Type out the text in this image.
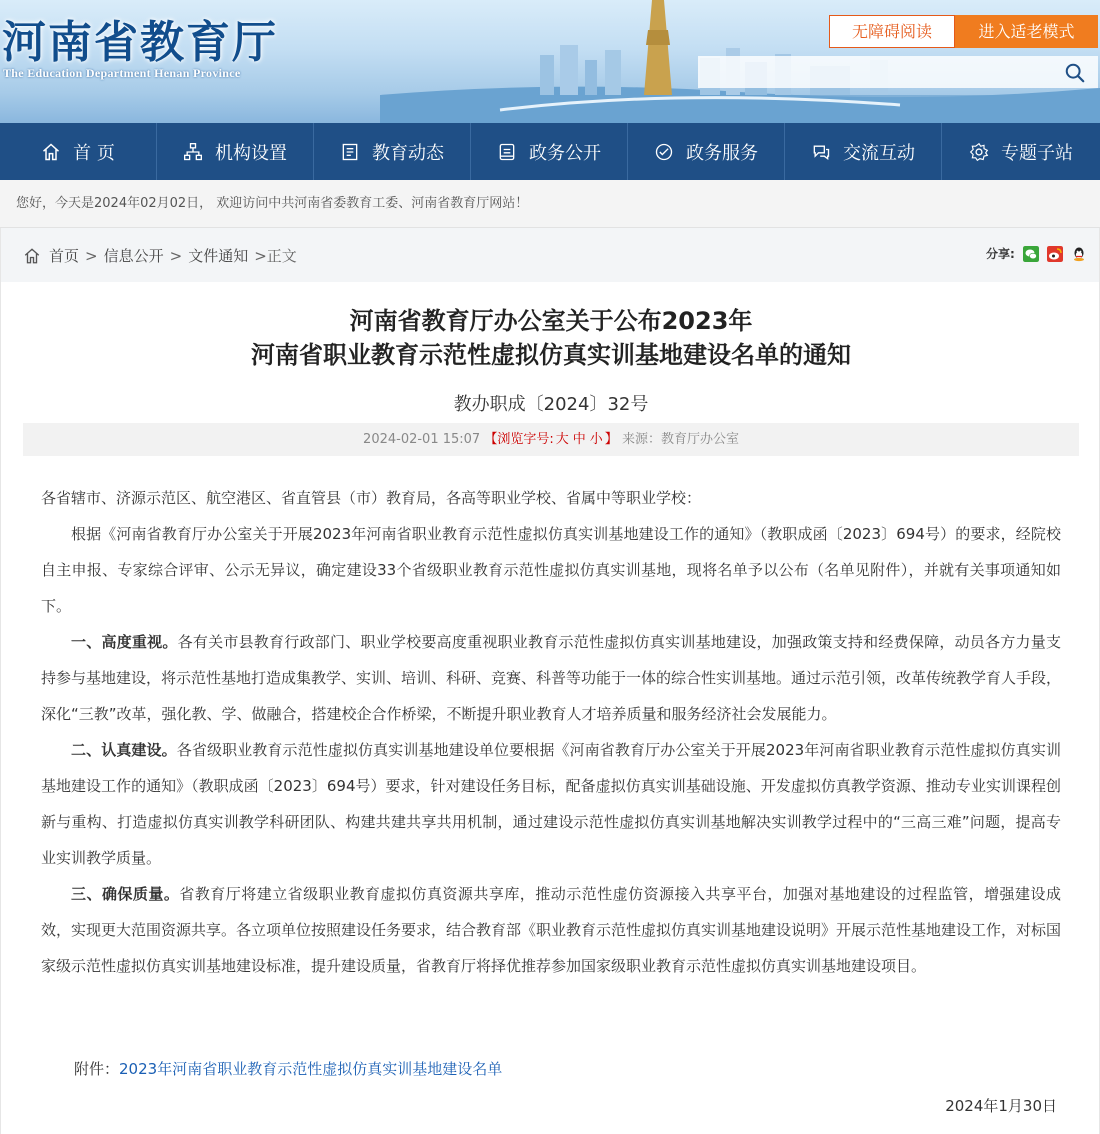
河南省教育厅
The Education Department Henan Province
无障碍阅读	进入适老模式
首 页	机构设置	教育动态	政务公开	政务服务	交流互动	专题子站
您好，今天是2024年02月02日， 欢迎访问中共河南省委教育工委、河南省教育厅网站！
首页 > 信息公开 > 文件通知 >正文	分享:
河南省教育厅办公室关于公布2023年
河南省职业教育示范性虚拟仿真实训基地建设名单的通知
教办职成〔2024〕32号
2024-02-01 15:07 【浏览字号: 大 中 小 】 来源：教育厅办公室

各省辖市、济源示范区、航空港区、省直管县（市）教育局，各高等职业学校、省属中等职业学校：

根据《河南省教育厅办公室关于开展2023年河南省职业教育示范性虚拟仿真实训基地建设工作的通知》（教职成函〔2023〕694号）的要求，经院校自主申报、专家综合评审、公示无异议，确定建设33个省级职业教育示范性虚拟仿真实训基地，现将名单予以公布（名单见附件），并就有关事项通知如下。

一、高度重视。各有关市县教育行政部门、职业学校要高度重视职业教育示范性虚拟仿真实训基地建设，加强政策支持和经费保障，动员各方力量支持参与基地建设，将示范性基地打造成集教学、实训、培训、科研、竞赛、科普等功能于一体的综合性实训基地。通过示范引领，改革传统教学育人手段，深化“三教”改革，强化教、学、做融合，搭建校企合作桥梁，不断提升职业教育人才培养质量和服务经济社会发展能力。

二、认真建设。各省级职业教育示范性虚拟仿真实训基地建设单位要根据《河南省教育厅办公室关于开展2023年河南省职业教育示范性虚拟仿真实训基地建设工作的通知》（教职成函〔2023〕694号）要求，针对建设任务目标，配备虚拟仿真实训基础设施、开发虚拟仿真教学资源、推动专业实训课程创新与重构、打造虚拟仿真实训教学科研团队、构建共建共享共用机制，通过建设示范性虚拟仿真实训基地解决实训教学过程中的“三高三难”问题，提高专业实训教学质量。

三、确保质量。省教育厅将建立省级职业教育虚拟仿真资源共享库，推动示范性虚仿资源接入共享平台，加强对基地建设的过程监管，增强建设成效，实现更大范围资源共享。各立项单位按照建设任务要求，结合教育部《职业教育示范性虚拟仿真实训基地建设说明》开展示范性基地建设工作，对标国家级示范性虚拟仿真实训基地建设标准，提升建设质量，省教育厅将择优推荐参加国家级职业教育示范性虚拟仿真实训基地建设项目。

附件：2023年河南省职业教育示范性虚拟仿真实训基地建设名单
2024年1月30日
